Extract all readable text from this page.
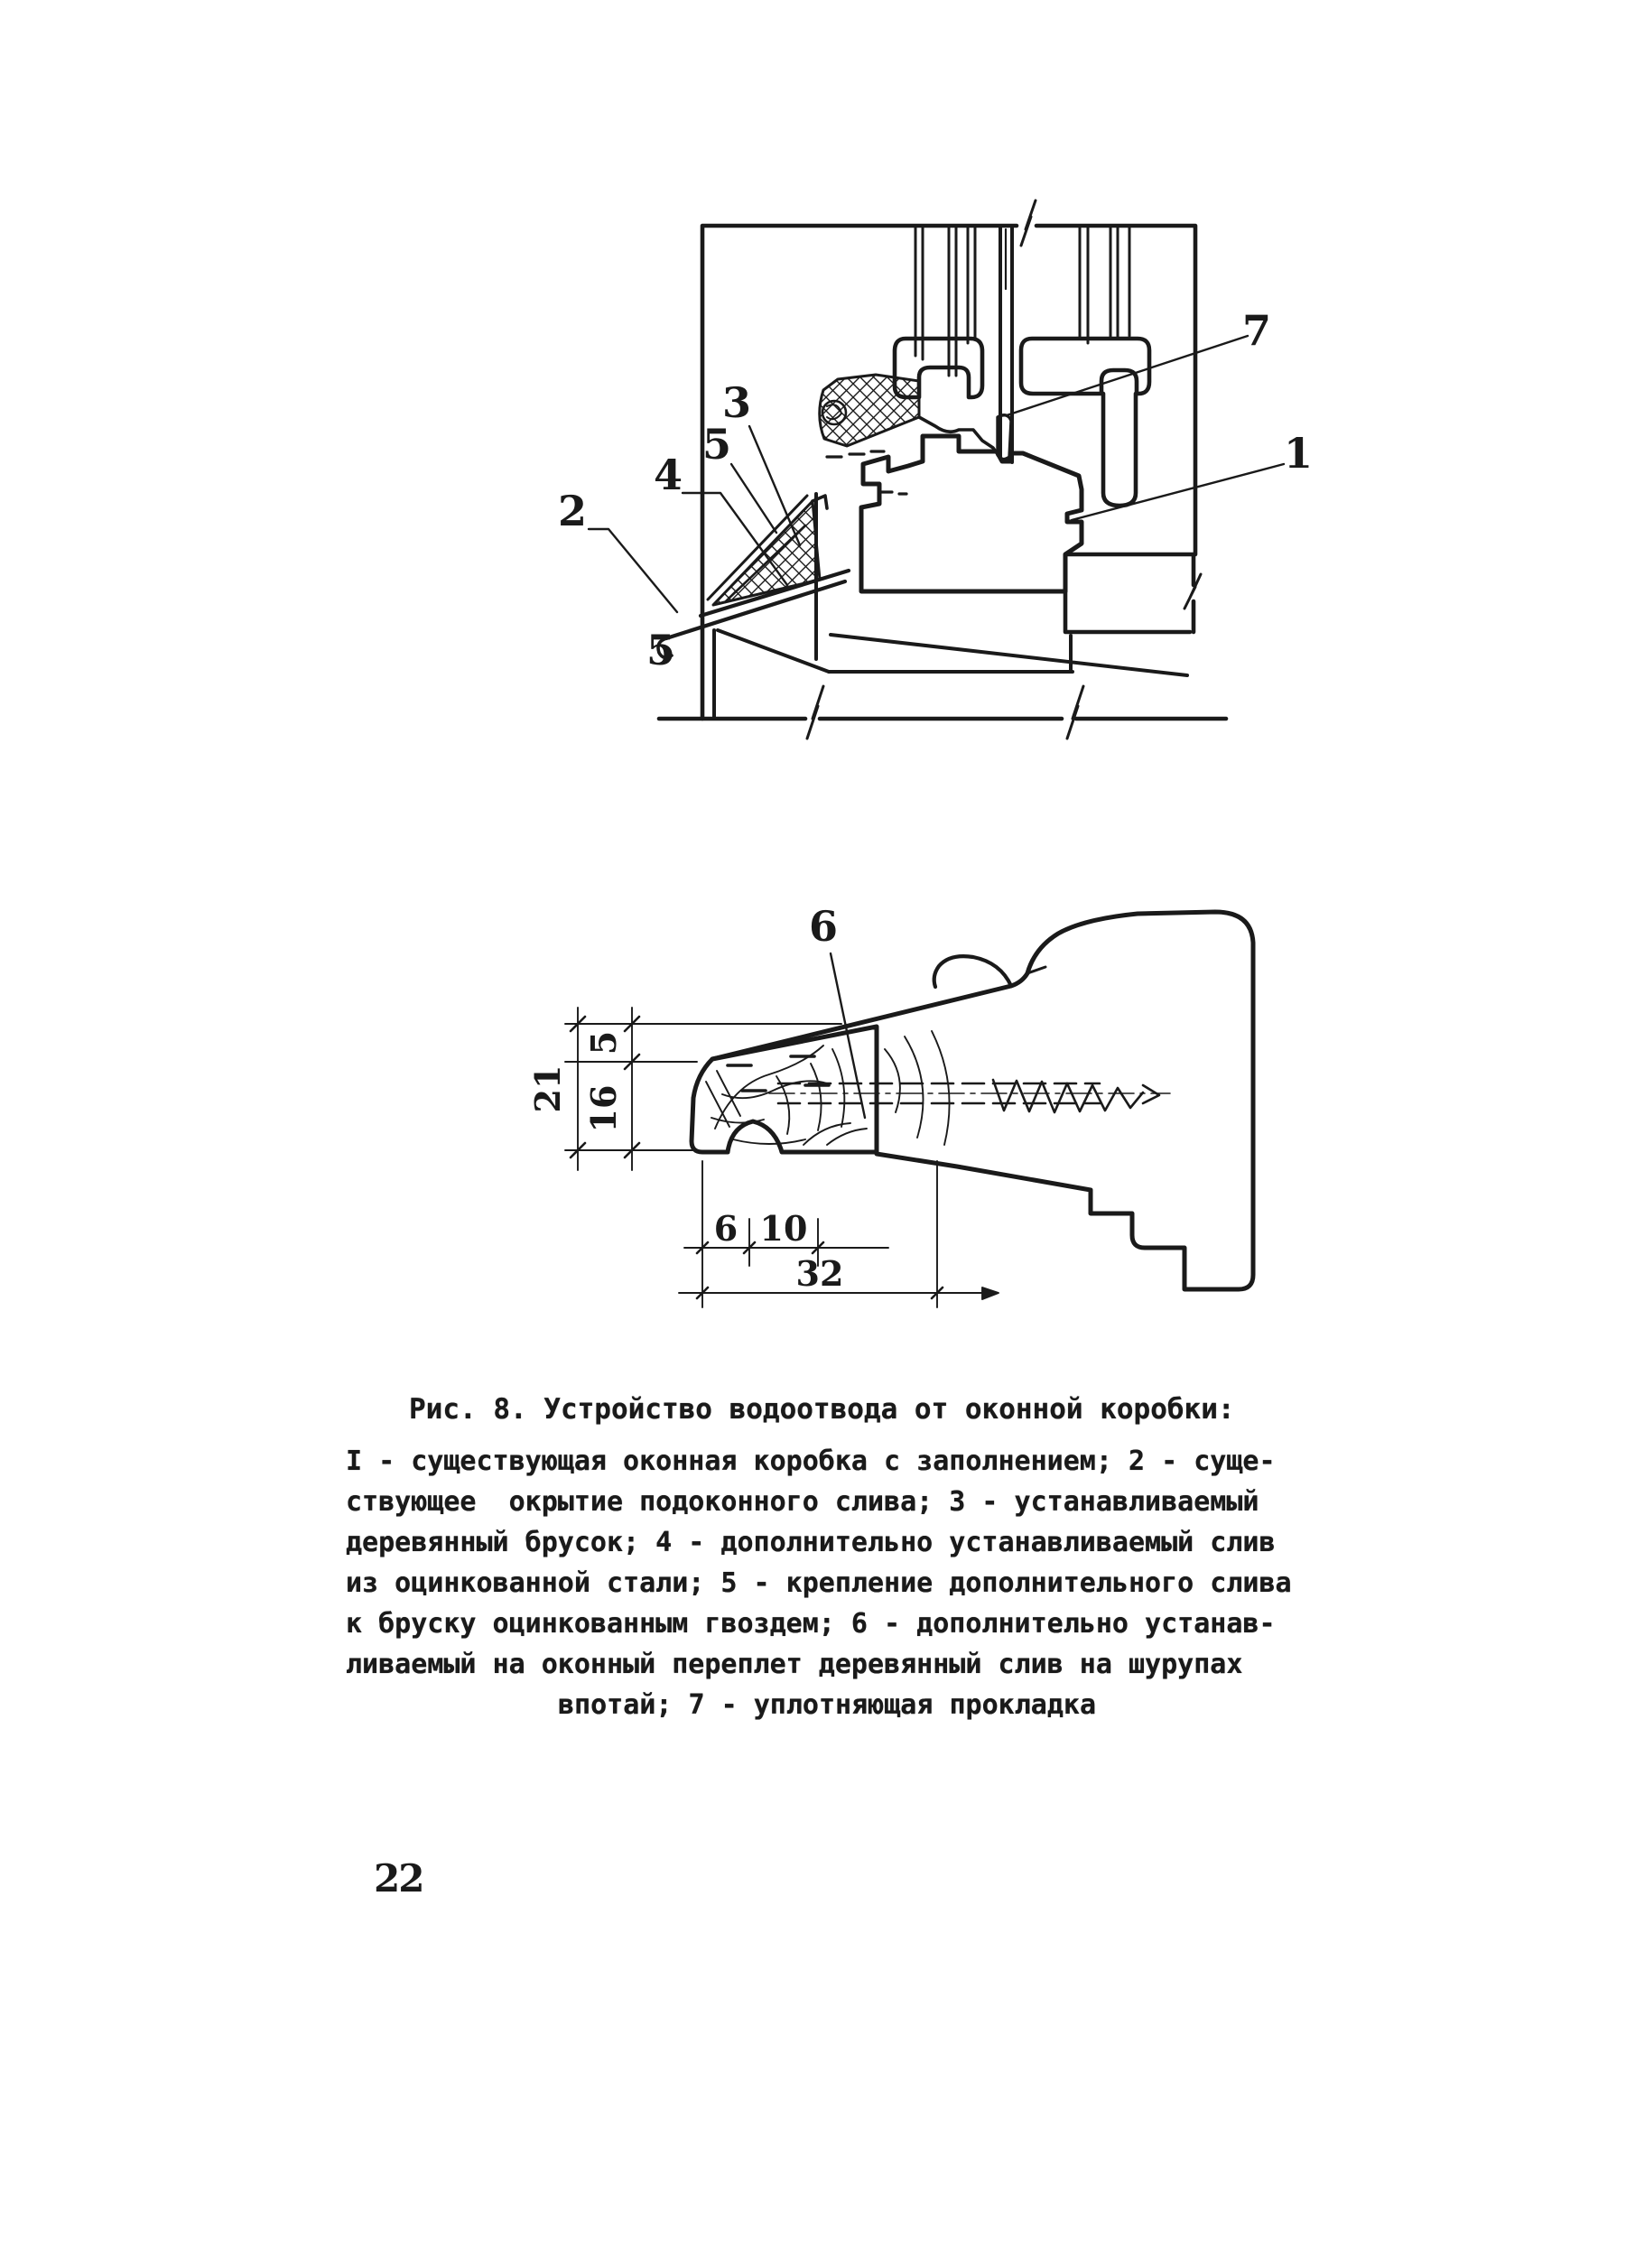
7
1
3
5
4
2
5
6
21 16
5
6 10
32
Рис. 8. Устройство водоотвода от оконной коробки:
I - существующая оконная коробка с заполнением; 2 - суще-
ствующее  окрытие подоконного слива; 3 - устанавливаемый
деревянный брусок; 4 - дополнительно устанавливаемый слив
из оцинкованной стали; 5 - крепление дополнительного слива
к бруску оцинкованным гвоздем; 6 - дополнительно устанав-
ливаемый на оконный переплет деревянный слив на шурупах
впотай; 7 - уплотняющая прокладка
22
